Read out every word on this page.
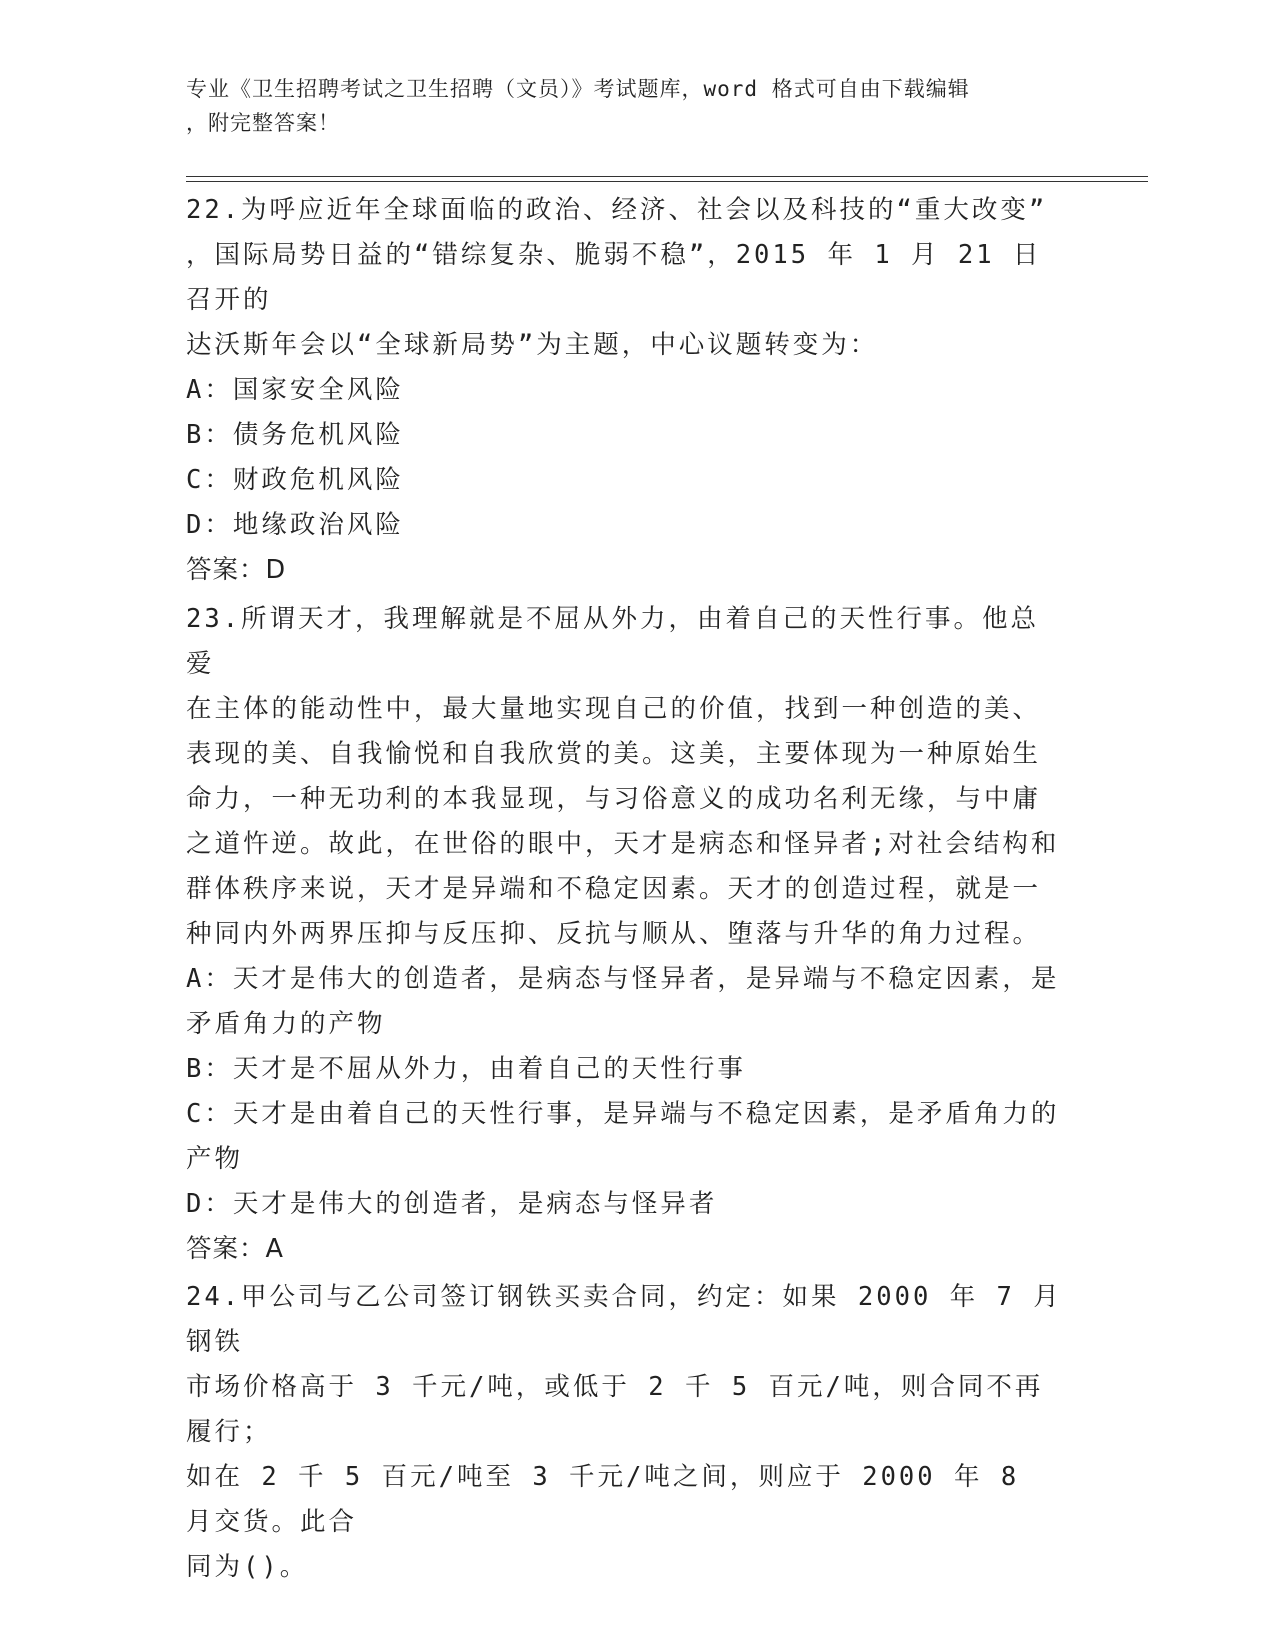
专业《卫生招聘考试之卫生招聘（文员）》考试题库，word 格式可自由下载编辑

，附完整答案！

22.为呼应近年全球面临的政治、经济、社会以及科技的“重大改变”

，国际局势日益的“错综复杂、脆弱不稳”，2015 年 1 月 21 日召开的

达沃斯年会以“全球新局势”为主题，中心议题转变为：

A：国家安全风险

B：债务危机风险

C：财政危机风险

D：地缘政治风险

答案：D

23.所谓天才，我理解就是不屈从外力，由着自己的天性行事。他总爱

在主体的能动性中，最大量地实现自己的价值，找到一种创造的美、

表现的美、自我愉悦和自我欣赏的美。这美，主要体现为一种原始生

命力，一种无功利的本我显现，与习俗意义的成功名利无缘，与中庸

之道忤逆。故此，在世俗的眼中，天才是病态和怪异者;对社会结构和

群体秩序来说，天才是异端和不稳定因素。天才的创造过程，就是一

种同内外两界压抑与反压抑、反抗与顺从、堕落与升华的角力过程。

A：天才是伟大的创造者，是病态与怪异者，是异端与不稳定因素，是

矛盾角力的产物

B：天才是不屈从外力，由着自己的天性行事

C：天才是由着自己的天性行事，是异端与不稳定因素，是矛盾角力的

产物

D：天才是伟大的创造者，是病态与怪异者

答案：A

24.甲公司与乙公司签订钢铁买卖合同，约定：如果 2000 年 7 月钢铁

市场价格高于 3 千元/吨，或低于 2 千 5 百元/吨，则合同不再履行；

如在 2 千 5 百元/吨至 3 千元/吨之间，则应于 2000 年 8 月交货。此合

同为()。
